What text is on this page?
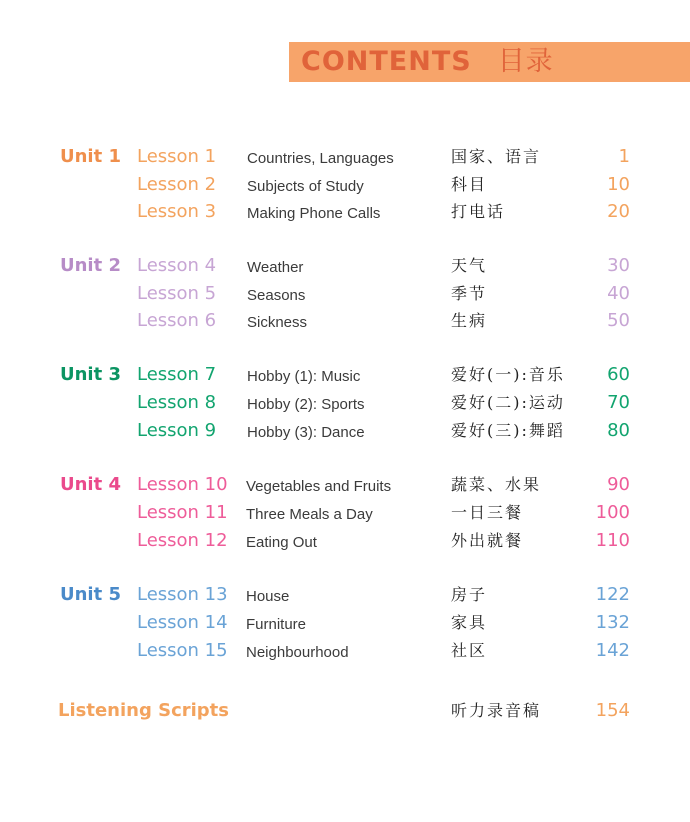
CONTENTS 目录
Unit 1 Lesson 1 Countries, Languages	国家、语言	1
Lesson 2 Subjects of Study	科目	10
Lesson 3 Making Phone Calls	打电话	20
Unit 2 Lesson 4 Weather	天气	30
Lesson 5 Seasons	季节	40
Lesson 6 Sickness	生病	50
Unit 3 Lesson 7 Hobby (1): Music	爱好(一):音乐 60
Lesson 8 Hobby (2): Sports	爱好(二):运动 70
Lesson 9 Hobby (3): Dance	爱好(三):舞蹈 80
Unit 4 Lesson 10 Vegetables and Fruits	蔬菜、水果	90
Lesson 11 Three Meals a Day	一日三餐	100
Lesson 12 Eating Out	外出就餐	110
Unit 5 Lesson 13 House	房子	122
Lesson 14 Furniture	家具	132
Lesson 15 Neighbourhood	社区	142
Listening Scripts	听力录音稿	154
